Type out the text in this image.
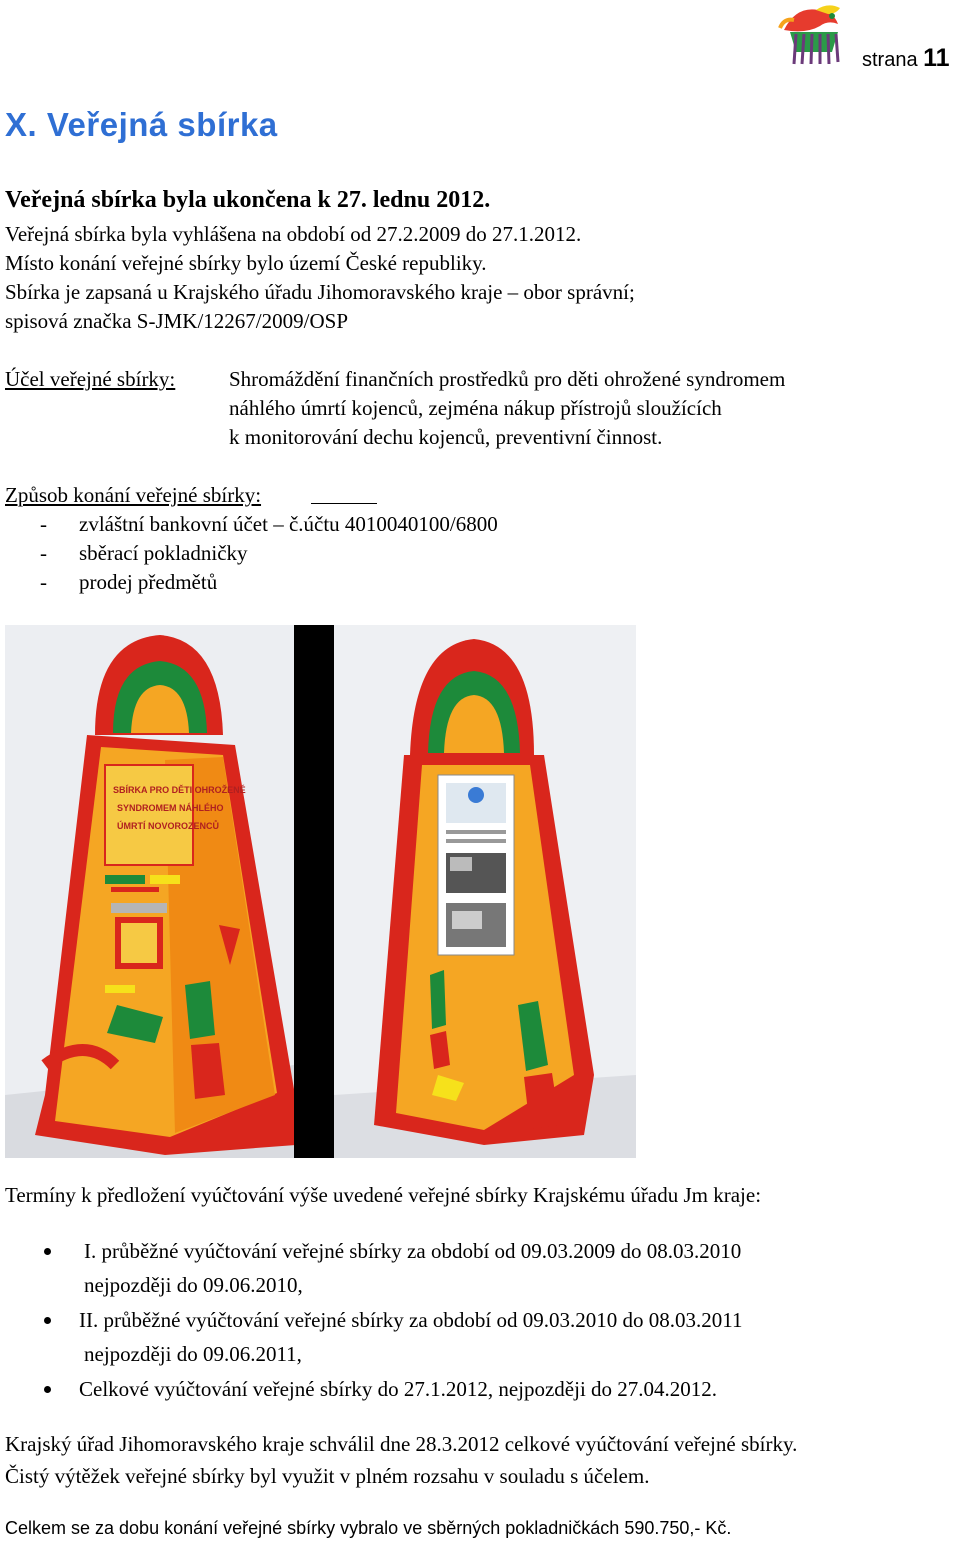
strana 11
X. Veřejná sbírka
Veřejná sbírka byla ukončena k 27. lednu 2012.
Veřejná sbírka byla vyhlášena na období od 27.2.2009 do 27.1.2012.
Místo konání veřejné sbírky bylo území České republiky.
Sbírka je zapsaná u Krajského úřadu Jihomoravského kraje – obor správní;
spisová značka S-JMK/12267/2009/OSP
Účel veřejné sbírky:	Shromáždění finančních prostředků pro děti ohrožené syndromem
náhlého úmrtí kojenců, zejména nákup přístrojů sloužících
k monitorování dechu kojenců, preventivní činnost.
Způsob konání veřejné sbírky:
- zvláštní bankovní účet – č.účtu 4010040100/6800
- sběrací pokladničky
- prodej předmětů
SBÍRKA PRO DĚTI OHROŽENÉ
SYNDROMEM NÁHLÉHO
ÚMRTÍ NOVOROZENCŮ
Termíny k předložení vyúčtování výše uvedené veřejné sbírky Krajskému úřadu Jm kraje:
I. průběžné vyúčtování veřejné sbírky za období od 09.03.2009 do 08.03.2010
nejpozději do 09.06.2010,
II. průběžné vyúčtování veřejné sbírky za období od 09.03.2010 do 08.03.2011
nejpozději do 09.06.2011,
Celkové vyúčtování veřejné sbírky do 27.1.2012, nejpozději do 27.04.2012.
Krajský úřad Jihomoravského kraje schválil dne 28.3.2012 celkové vyúčtování veřejné sbírky.
Čistý výtěžek veřejné sbírky byl využit v plném rozsahu v souladu s účelem.
Celkem se za dobu konání veřejné sbírky vybralo ve sběrných pokladničkách 590.750,- Kč.
